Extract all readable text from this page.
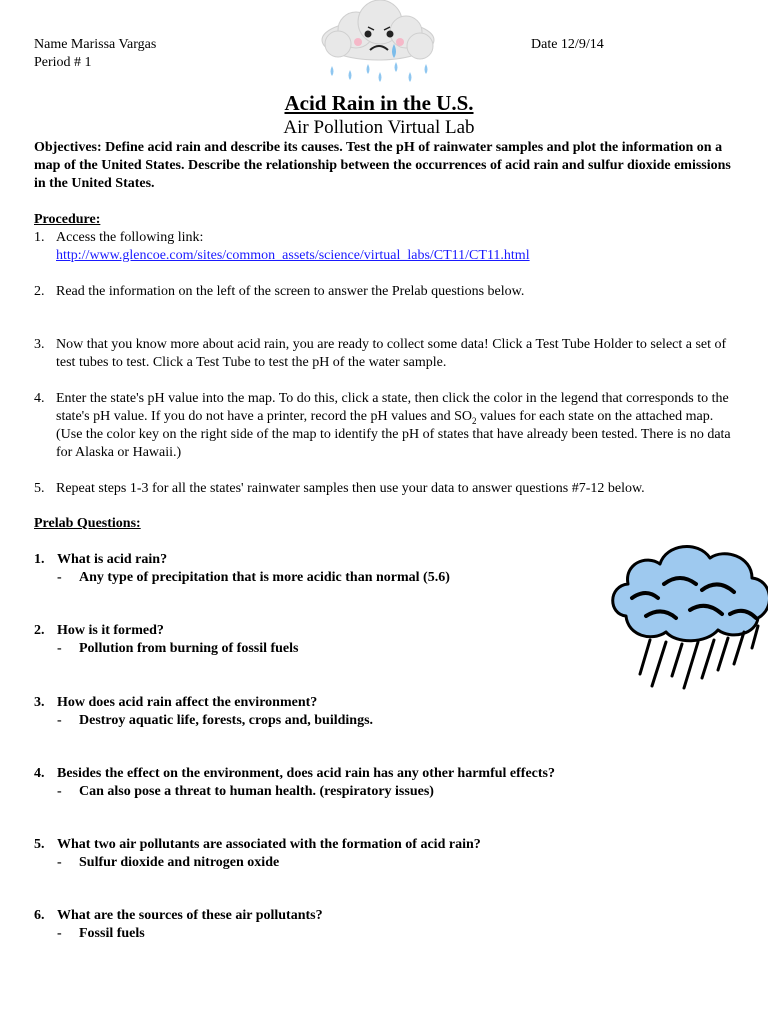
Name Marissa Vargas
Period # 1
Date 12/9/14
Acid Rain in the U.S.
Air Pollution Virtual Lab
Objectives: Define acid rain and describe its causes. Test the pH of rainwater samples and plot the information on a map of the United States. Describe the relationship between the occurrences of acid rain and sulfur dioxide emissions in the United States.
Procedure:
1. Access the following link:
http://www.glencoe.com/sites/common_assets/science/virtual_labs/CT11/CT11.html
2. Read the information on the left of the screen to answer the Prelab questions below.
3. Now that you know more about acid rain, you are ready to collect some data! Click a Test Tube Holder to select a set of test tubes to test. Click a Test Tube to test the pH of the water sample.
4. Enter the state's pH value into the map. To do this, click a state, then click the color in the legend that corresponds to the state's pH value. If you do not have a printer, record the pH values and $SO_2$ values for each state on the attached map. (Use the color key on the right side of the map to identify the pH of states that have already been tested. There is no data for Alaska or Hawaii.)
5. Repeat steps 1-3 for all the states' rainwater samples then use your data to answer questions #7-12 below.
Prelab Questions:
1. What is acid rain?
- Any type of precipitation that is more acidic than normal (5.6)
2. How is it formed?
- Pollution from burning of fossil fuels
3. How does acid rain affect the environment?
- Destroy aquatic life, forests, crops and, buildings.
4. Besides the effect on the environment, does acid rain has any other harmful effects?
- Can also pose a threat to human health. (respiratory issues)
5. What two air pollutants are associated with the formation of acid rain?
- Sulfur dioxide and nitrogen oxide
6. What are the sources of these air pollutants?
- Fossil fuels
